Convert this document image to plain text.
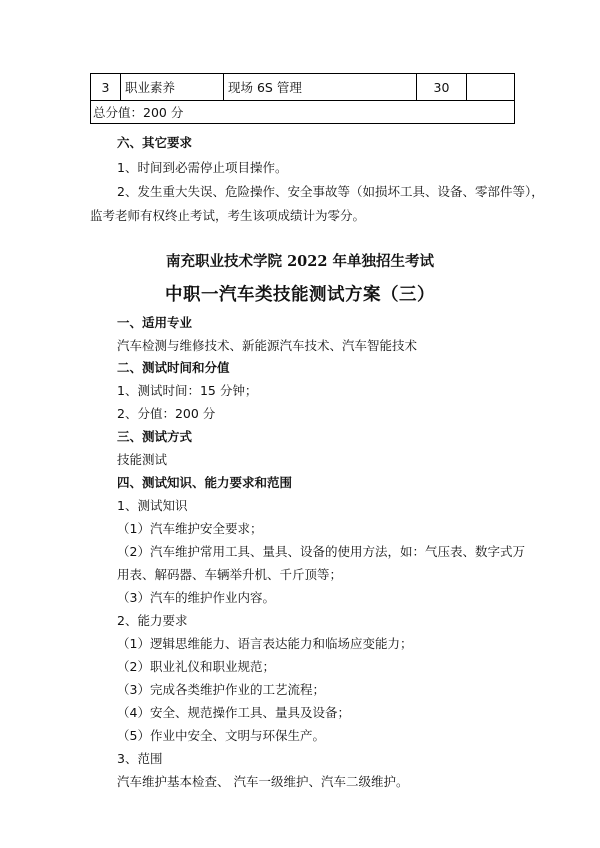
3	职业素养	现场 6S 管理	30	
总分值：200 分
六、其它要求
1、时间到必需停止项目操作。
2、发生重大失误、危险操作、安全事故等（如损坏工具、设备、零部件等），
监考老师有权终止考试，考生该项成绩计为零分。
南充职业技术学院 2022 年单独招生考试
中职一汽车类技能测试方案（三）
一、适用专业
汽车检测与维修技术、新能源汽车技术、汽车智能技术
二、测试时间和分值
1、测试时间：15 分钟；
2、分值：200 分
三、测试方式
技能测试
四、测试知识、能力要求和范围
1、测试知识
（1）汽车维护安全要求；
（2）汽车维护常用工具、量具、设备的使用方法，如：气压表、数字式万
用表、解码器、车辆举升机、千斤顶等；
（3）汽车的维护作业内容。
2、能力要求
（1）逻辑思维能力、语言表达能力和临场应变能力；
（2）职业礼仪和职业规范；
（3）完成各类维护作业的工艺流程；
（4）安全、规范操作工具、量具及设备；
（5）作业中安全、文明与环保生产。
3、范围
汽车维护基本检查、 汽车一级维护、汽车二级维护。
